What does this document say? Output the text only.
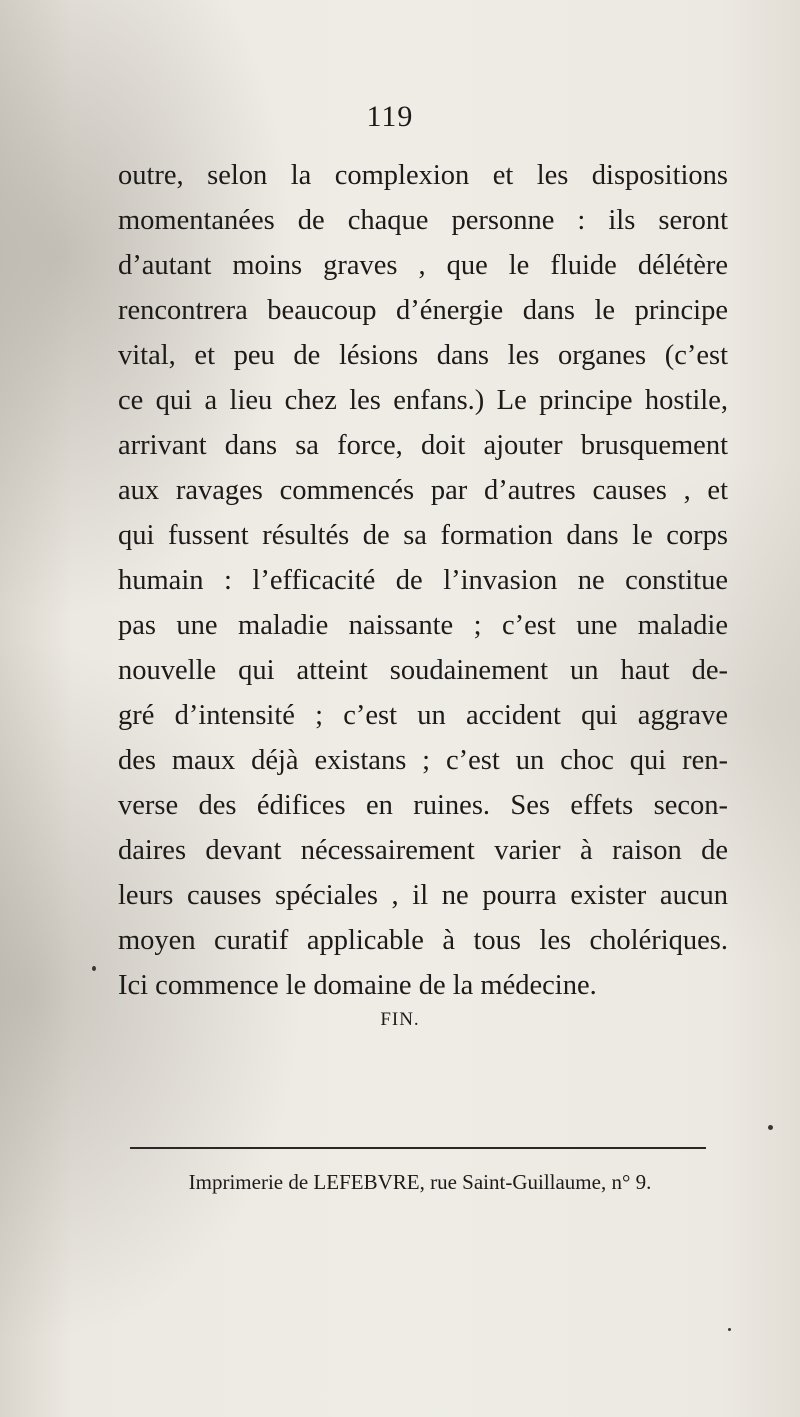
119
outre, selon la complexion et les dispositions
momentanées de chaque personne : ils seront
d’autant moins graves , que le fluide délétère
rencontrera beaucoup d’énergie dans le principe
vital, et peu de lésions dans les organes (c’est
ce qui a lieu chez les enfans.) Le principe hostile,
arrivant dans sa force, doit ajouter brusquement
aux ravages commencés par d’autres causes , et
qui fussent résultés de sa formation dans le corps
humain : l’efficacité de l’invasion ne constitue
pas une maladie naissante ; c’est une maladie
nouvelle qui atteint soudainement un haut de-
gré d’intensité ; c’est un accident qui aggrave
des maux déjà existans ; c’est un choc qui ren-
verse des édifices en ruines. Ses effets secon-
daires devant nécessairement varier à raison de
leurs causes spéciales , il ne pourra exister aucun
moyen curatif applicable à tous les cholériques.
Ici commence le domaine de la médecine.
FIN.
Imprimerie de LEFEBVRE, rue Saint-Guillaume, n° 9.
